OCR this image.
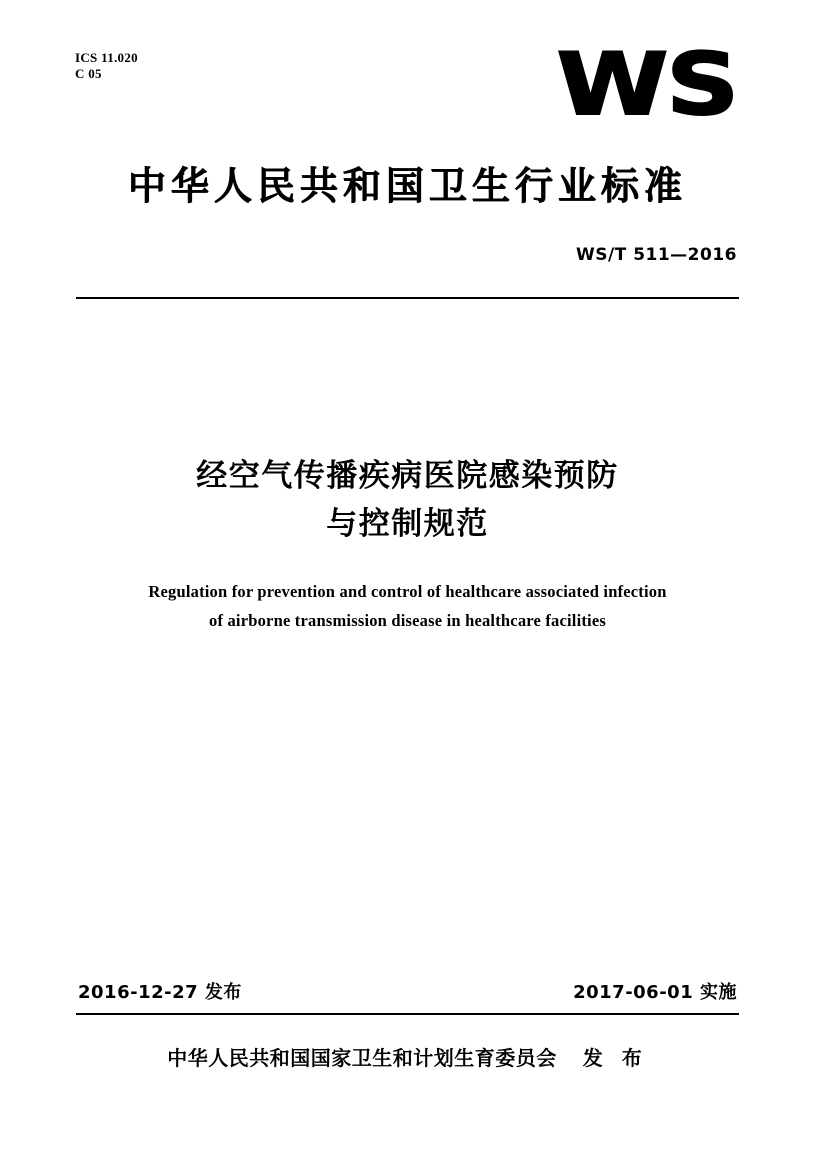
ICS 11.020
C 05	WS
中华人民共和国卫生行业标准
WS/T 511—2016
经空气传播疾病医院感染预防
与控制规范
Regulation for prevention and control of healthcare associated infection
of airborne transmission disease in healthcare facilities
2016-12-27 发布	2017-06-01 实施
中华人民共和国国家卫生和计划生育委员会 发 布
